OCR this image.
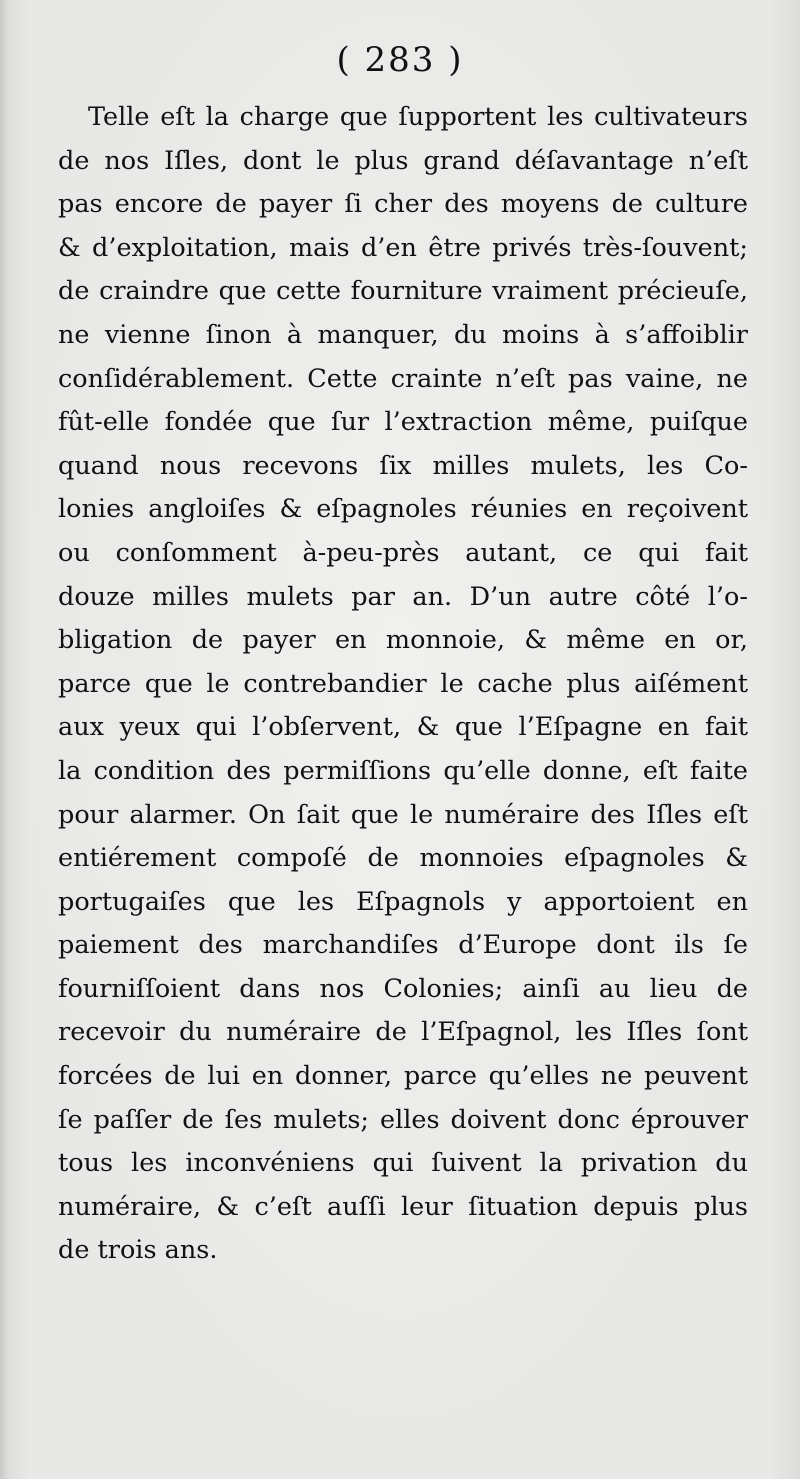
( 283 )
Telle eſt la charge que ſupportent les cultivateurs
de nos Iſles, dont le plus grand déſavantage n’eſt
pas encore de payer ſi cher des moyens de culture
& d’exploitation, mais d’en être privés très-ſouvent;
de craindre que cette fourniture vraiment précieuſe,
ne vienne ſinon à manquer, du moins à s’affoiblir
conſidérablement. Cette crainte n’eſt pas vaine, ne
fût-elle fondée que ſur l’extraction même, puiſque
quand nous recevons ſix milles mulets, les Co-
lonies angloiſes & eſpagnoles réunies en reçoivent
ou conſomment à-peu-près autant, ce qui fait
douze milles mulets par an. D’un autre côté l’o-
bligation de payer en monnoie, & même en or,
parce que le contrebandier le cache plus aiſément
aux yeux qui l’obſervent, & que l’Eſpagne en fait
la condition des permiſſions qu’elle donne, eſt faite
pour alarmer. On ſait que le numéraire des Iſles eſt
entiérement compoſé de monnoies eſpagnoles &
portugaiſes que les Eſpagnols y apportoient en
paiement des marchandiſes d’Europe dont ils ſe
fourniſſoient dans nos Colonies; ainſi au lieu de
recevoir du numéraire de l’Eſpagnol, les Iſles ſont
forcées de lui en donner, parce qu’elles ne peuvent
ſe paſſer de ſes mulets; elles doivent donc éprouver
tous les inconvéniens qui ſuivent la privation du
numéraire, & c’eſt auſſi leur ſituation depuis plus
de trois ans.
